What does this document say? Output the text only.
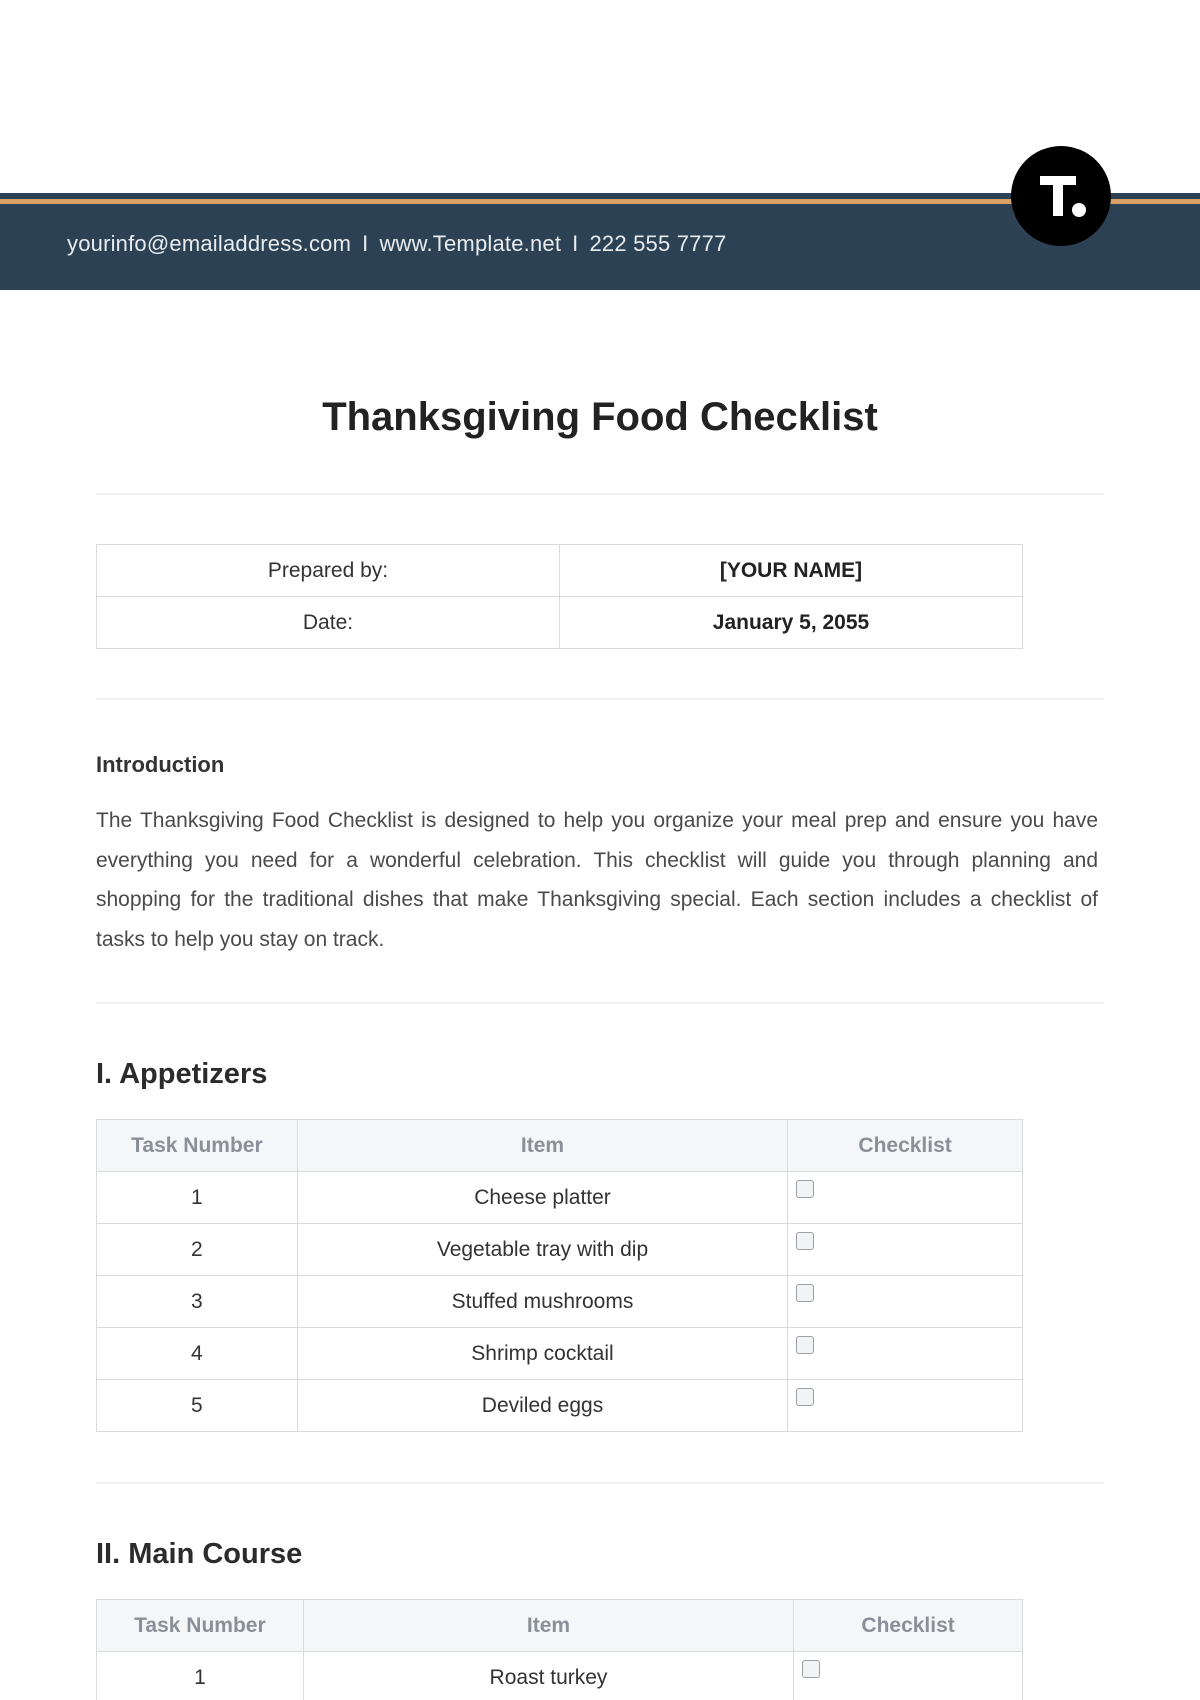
yourinfo@emailaddress.com I www.Template.net I 222 555 7777
Thanksgiving Food Checklist
Prepared by:	[YOUR NAME]
Date:	January 5, 2055
Introduction
The Thanksgiving Food Checklist is designed to help you organize your meal prep and ensure you have everything you need for a wonderful celebration. This checklist will guide you through planning and shopping for the traditional dishes that make Thanksgiving special. Each section includes a checklist of tasks to help you stay on track.
I. Appetizers
Task Number	Item	Checklist
1	Cheese platter	
2	Vegetable tray with dip	
3	Stuffed mushrooms	
4	Shrimp cocktail	
5	Deviled eggs	
II. Main Course
Task Number	Item	Checklist
1	Roast turkey	
